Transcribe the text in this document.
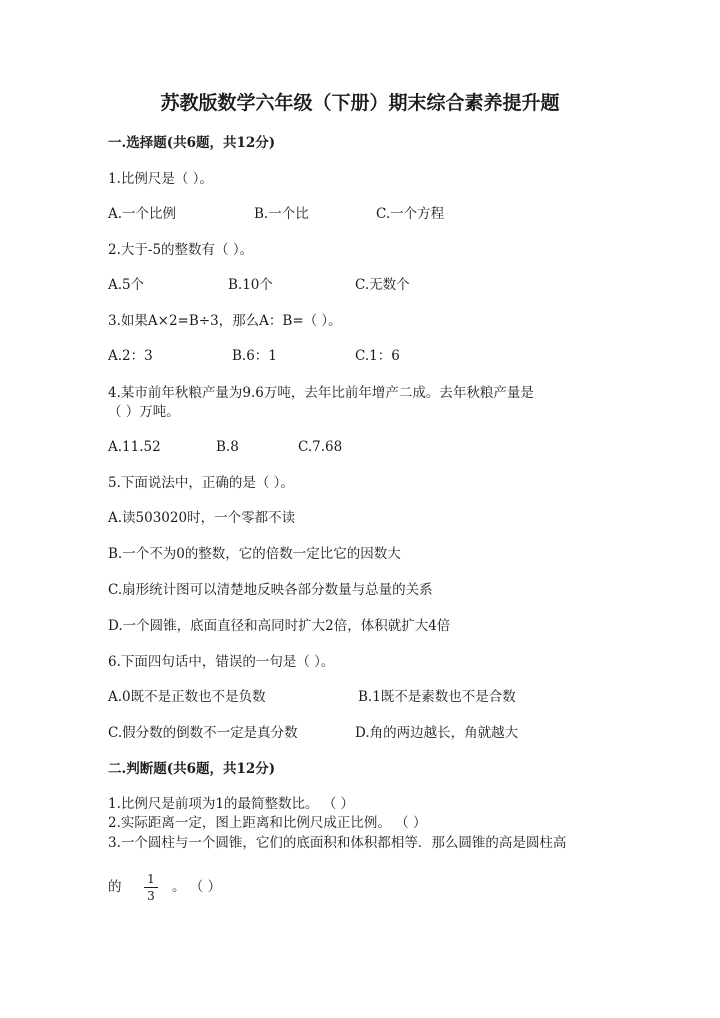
苏教版数学六年级（下册）期末综合素养提升题
一.选择题(共6题，共12分)
1.比例尺是（ ）。
A.一个比例	B.一个比	C.一个方程
2.大于-5的整数有（ ）。
A.5个	B.10个	C.无数个
3.如果A×2=B÷3，那么A：B=（ ）。
A.2：3	B.6：1	C.1：6
4.某市前年秋粮产量为9.6万吨，去年比前年增产二成。去年秋粮产量是
（ ）万吨。
A.11.52	B.8	C.7.68
5.下面说法中，正确的是（ ）。
A.读503020时，一个零都不读
B.一个不为0的整数，它的倍数一定比它的因数大
C.扇形统计图可以清楚地反映各部分数量与总量的关系
D.一个圆锥，底面直径和高同时扩大2倍，体积就扩大4倍
6.下面四句话中，错误的一句是（ ）。
A.0既不是正数也不是负数	B.1既不是素数也不是合数
C.假分数的倒数不一定是真分数	D.角的两边越长，角就越大
二.判断题(共6题，共12分)
1.比例尺是前项为1的最简整数比。 （ ）
2.实际距离一定，图上距离和比例尺成正比例。 （ ）
3.一个圆柱与一个圆锥，它们的底面积和体积都相等．那么圆锥的高是圆柱高
的 1
3
。 （ ）
